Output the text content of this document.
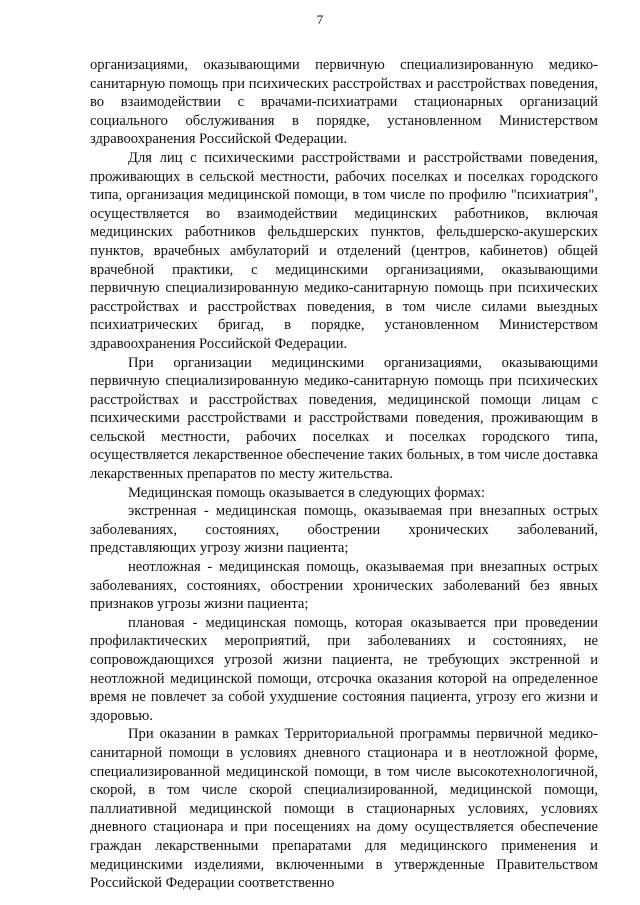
7

организациями, оказывающими первичную специализированную медико-санитарную помощь при психических расстройствах и расстройствах поведения, во взаимодействии с врачами-психиатрами стационарных организаций социального обслуживания в порядке, установленном Министерством здравоохранения Российской Федерации.

Для лиц с психическими расстройствами и расстройствами поведения, проживающих в сельской местности, рабочих поселках и поселках городского типа, организация медицинской помощи, в том числе по профилю "психиатрия", осуществляется во взаимодействии медицинских работников, включая медицинских работников фельдшерских пунктов, фельдшерско-акушерских пунктов, врачебных амбулаторий и отделений (центров, кабинетов) общей врачебной практики, с медицинскими организациями, оказывающими первичную специализированную медико-санитарную помощь при психических расстройствах и расстройствах поведения, в том числе силами выездных психиатрических бригад, в порядке, установленном Министерством здравоохранения Российской Федерации.

При организации медицинскими организациями, оказывающими первичную специализированную медико-санитарную помощь при психических расстройствах и расстройствах поведения, медицинской помощи лицам с психическими расстройствами и расстройствами поведения, проживающим в сельской местности, рабочих поселках и поселках городского типа, осуществляется лекарственное обеспечение таких больных, в том числе доставка лекарственных препаратов по месту жительства.

Медицинская помощь оказывается в следующих формах:

экстренная - медицинская помощь, оказываемая при внезапных острых заболеваниях, состояниях, обострении хронических заболеваний, представляющих угрозу жизни пациента;

неотложная - медицинская помощь, оказываемая при внезапных острых заболеваниях, состояниях, обострении хронических заболеваний без явных признаков угрозы жизни пациента;

плановая - медицинская помощь, которая оказывается при проведении профилактических мероприятий, при заболеваниях и состояниях, не сопровождающихся угрозой жизни пациента, не требующих экстренной и неотложной медицинской помощи, отсрочка оказания которой на определенное время не повлечет за собой ухудшение состояния пациента, угрозу его жизни и здоровью.

При оказании в рамках Территориальной программы первичной медико-санитарной помощи в условиях дневного стационара и в неотложной форме, специализированной медицинской помощи, в том числе высокотехнологичной, скорой, в том числе скорой специализированной, медицинской помощи, паллиативной медицинской помощи в стационарных условиях, условиях дневного стационара и при посещениях на дому осуществляется обеспечение граждан лекарственными препаратами для медицинского применения и медицинскими изделиями, включенными в утвержденные Правительством Российской Федерации соответственно
